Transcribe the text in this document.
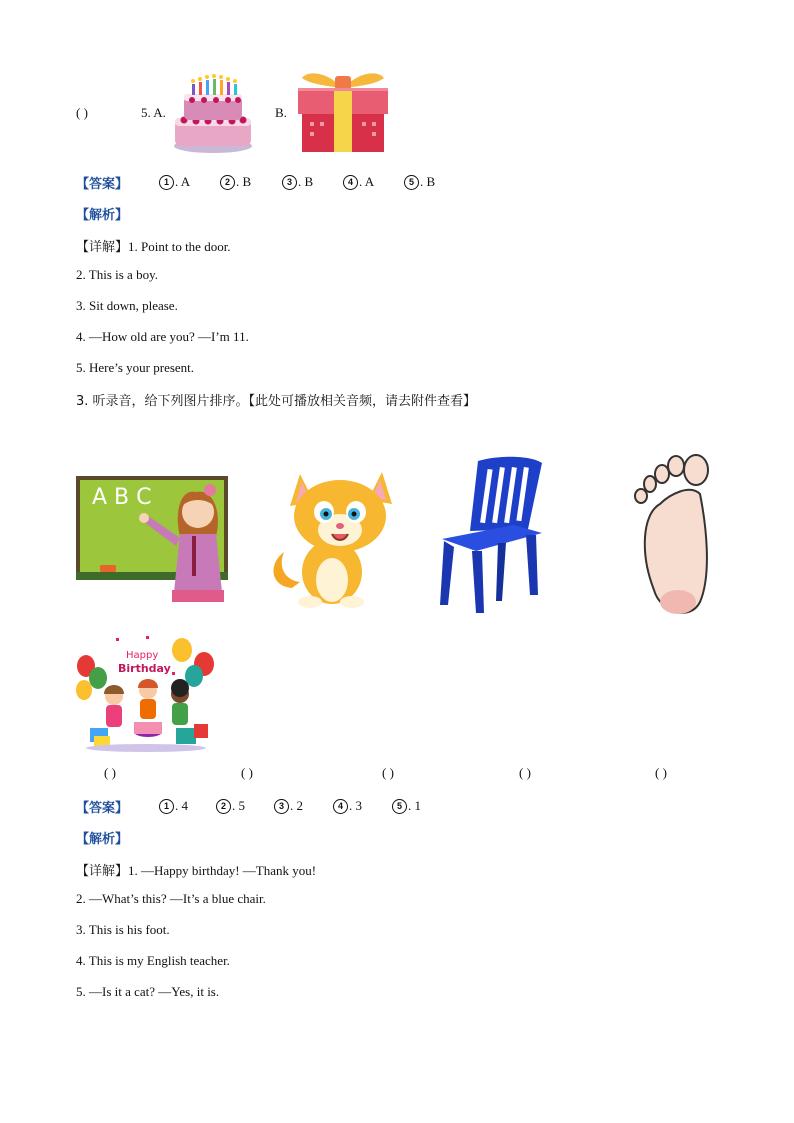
( )	5. A.	B.
【答案】	1 . A	2 . B	3 . B	4 . A	5 . B
【解析】
【详解】1. Point to the door.
2. This is a boy.
3. Sit down, please.
4. —How old are you? —I’m 11.
5. Here’s your present.
3. 听录音，给下列图片排序。【此处可播放相关音频，请去附件查看】
A B C
Happy
Birthday
( )	( )	( )	( )	( )
【答案】	1 . 4	2 . 5	3 . 2	4 . 3	5 . 1
【解析】
【详解】1. —Happy birthday! —Thank you!
2. —What’s this? —It’s a blue chair.
3. This is his foot.
4. This is my English teacher.
5. —Is it a cat? —Yes, it is.
